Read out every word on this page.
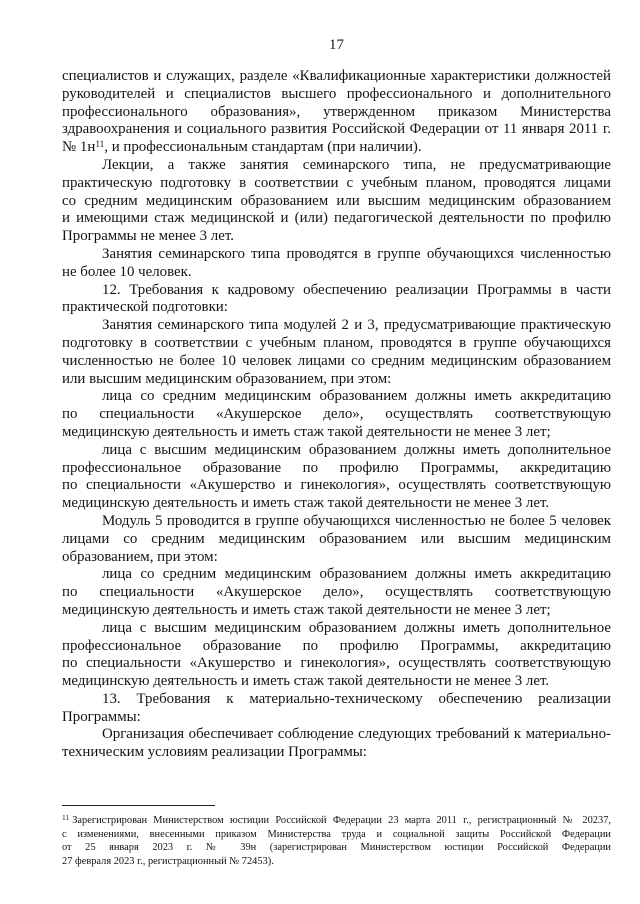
17
специалистов и служащих, разделе «Квалификационные характеристики должностей
руководителей и специалистов высшего профессионального и дополнительного
профессионального образования», утвержденном приказом Министерства
здравоохранения и социального развития Российской Федерации от 11 января 2011 г.
№ 1н$^{11}$, и профессиональным стандартам (при наличии).
Лекции, а также занятия семинарского типа, не предусматривающие
практическую подготовку в соответствии с учебным планом, проводятся лицами
со средним медицинским образованием или высшим медицинским образованием
и имеющими стаж медицинской и (или) педагогической деятельности по профилю
Программы не менее 3 лет.
Занятия семинарского типа проводятся в группе обучающихся численностью
не более 10 человек.
12. Требования к кадровому обеспечению реализации Программы в части
практической подготовки:
Занятия семинарского типа модулей 2 и 3, предусматривающие практическую
подготовку в соответствии с учебным планом, проводятся в группе обучающихся
численностью не более 10 человек лицами со средним медицинским образованием
или высшим медицинским образованием, при этом:
лица со средним медицинским образованием должны иметь аккредитацию
по специальности «Акушерское дело», осуществлять соответствующую
медицинскую деятельность и иметь стаж такой деятельности не менее 3 лет;
лица с высшим медицинским образованием должны иметь дополнительное
профессиональное образование по профилю Программы, аккредитацию
по специальности «Акушерство и гинекология», осуществлять соответствующую
медицинскую деятельность и иметь стаж такой деятельности не менее 3 лет.
Модуль 5 проводится в группе обучающихся численностью не более 5 человек
лицами со средним медицинским образованием или высшим медицинским
образованием, при этом:
лица со средним медицинским образованием должны иметь аккредитацию
по специальности «Акушерское дело», осуществлять соответствующую
медицинскую деятельность и иметь стаж такой деятельности не менее 3 лет;
лица с высшим медицинским образованием должны иметь дополнительное
профессиональное образование по профилю Программы, аккредитацию
по специальности «Акушерство и гинекология», осуществлять соответствующую
медицинскую деятельность и иметь стаж такой деятельности не менее 3 лет.
13. Требования к материально-техническому обеспечению реализации
Программы:
Организация обеспечивает соблюдение следующих требований к материально-
техническим условиям реализации Программы:
$^{11}$ Зарегистрирован Министерством юстиции Российской Федерации 23 марта 2011 г., регистрационный № 20237,
с изменениями, внесенными приказом Министерства труда и социальной защиты Российской Федерации
от 25 января 2023 г. № 39н (зарегистрирован Министерством юстиции Российской Федерации
27 февраля 2023 г., регистрационный № 72453).
